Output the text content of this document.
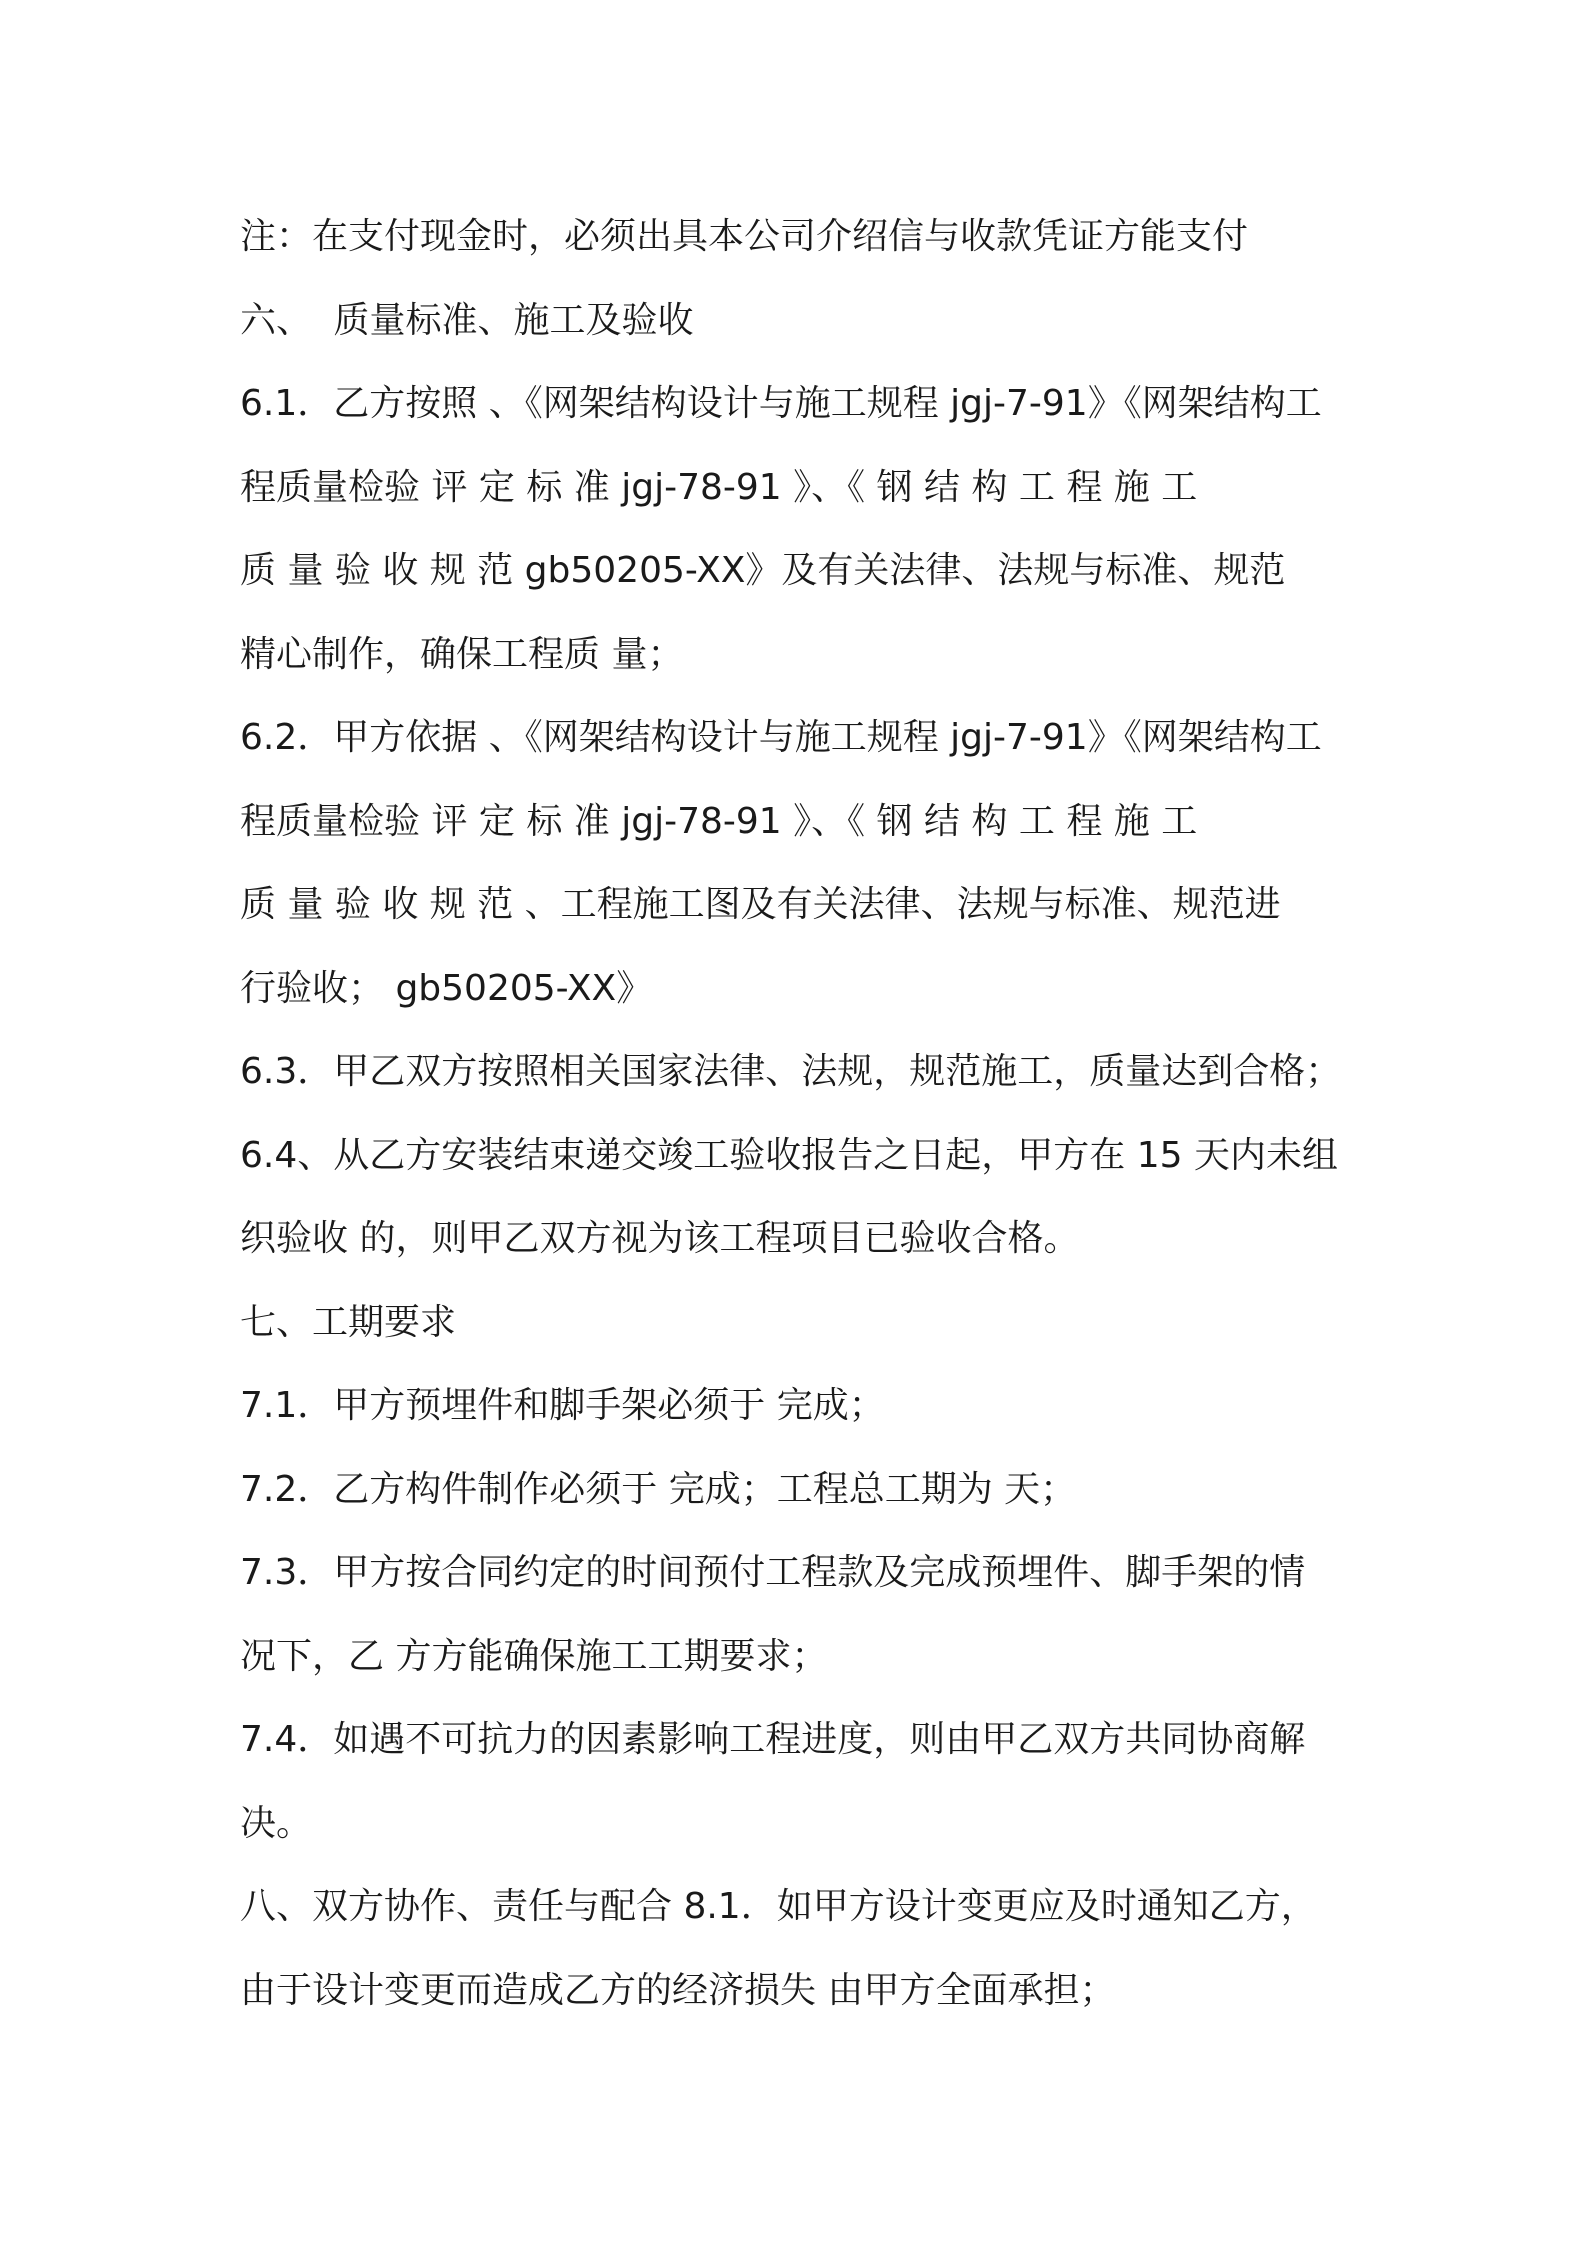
注：在支付现金时，必须出具本公司介绍信与收款凭证方能支付

六、 质量标准、施工及验收

6.1．乙方按照 、《网架结构设计与施工规程 jgj-7-91》《网架结构工

程质量检验 评 定 标 准 jgj-78-91 》、《 钢 结 构 工 程 施 工

质 量 验 收 规 范 gb50205-XX》及有关法律、法规与标准、规范

精心制作，确保工程质 量；

6.2．甲方依据 、《网架结构设计与施工规程 jgj-7-91》《网架结构工

程质量检验 评 定 标 准 jgj-78-91 》、《 钢 结 构 工 程 施 工

质 量 验 收 规 范 、工程施工图及有关法律、法规与标准、规范进

行验收； gb50205-XX》

6.3．甲乙双方按照相关国家法律、法规，规范施工，质量达到合格；

6.4、从乙方安装结束递交竣工验收报告之日起，甲方在 15 天内未组

织验收 的，则甲乙双方视为该工程项目已验收合格。

七、工期要求

7.1．甲方预埋件和脚手架必须于 完成；

7.2．乙方构件制作必须于 完成；工程总工期为 天；

7.3．甲方按合同约定的时间预付工程款及完成预埋件、脚手架的情

况下，乙 方方能确保施工工期要求；

7.4．如遇不可抗力的因素影响工程进度，则由甲乙双方共同协商解

决。

八、双方协作、责任与配合 8.1．如甲方设计变更应及时通知乙方，

由于设计变更而造成乙方的经济损失 由甲方全面承担；
